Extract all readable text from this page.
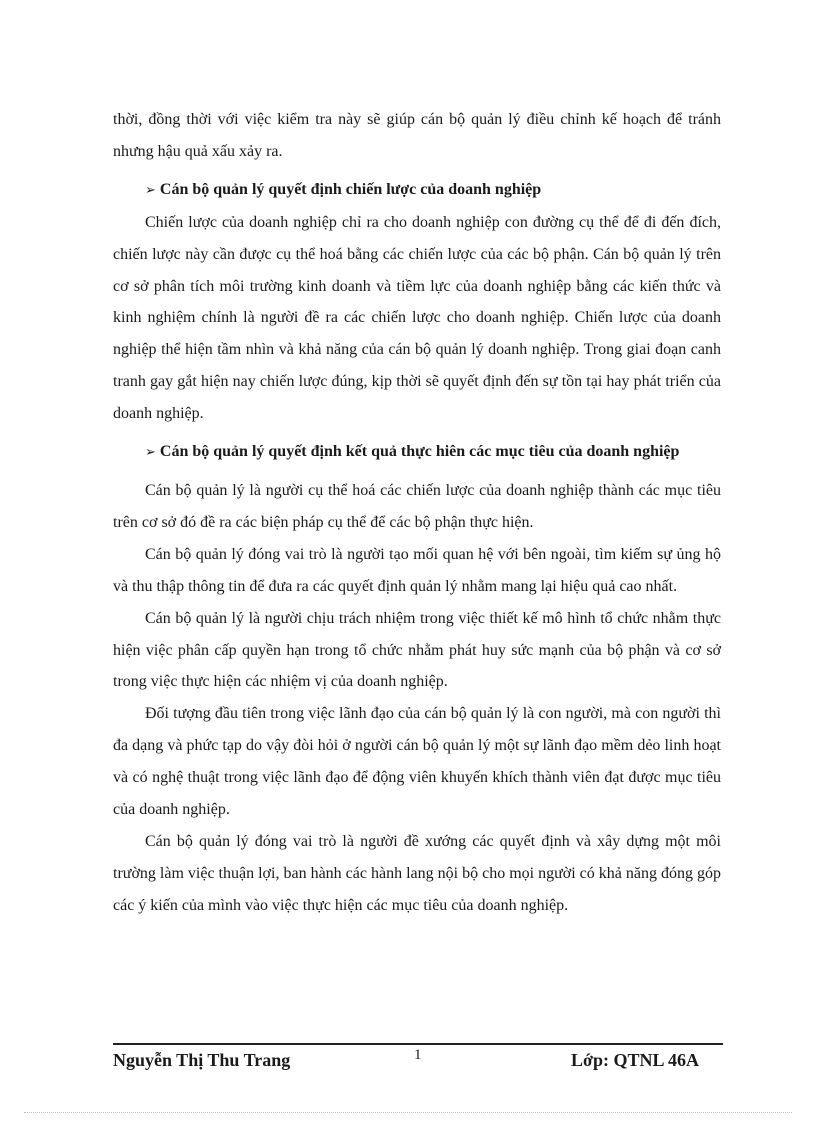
thời, đồng thời với việc kiểm tra này sẽ giúp cán bộ quản lý điều chỉnh kế hoạch để tránh nhưng hậu quả xấu xảy ra.

➢ Cán bộ quản lý quyết định chiến lược của doanh nghiệp

Chiến lược của doanh nghiệp chỉ ra cho doanh nghiệp con đường cụ thể để đi đến đích, chiến lược này cần được cụ thể hoá bằng các chiến lược của các bộ phận. Cán bộ quản lý trên cơ sở phân tích môi trường kinh doanh và tiềm lực của doanh nghiệp bằng các kiến thức và kinh nghiệm chính là người đề ra các chiến lược cho doanh nghiệp. Chiến lược của doanh nghiệp thể hiện tầm nhìn và khả năng của cán bộ quản lý doanh nghiệp. Trong giai đoạn canh tranh gay gắt hiện nay chiến lược đúng, kịp thời sẽ quyết định đến sự tồn tại hay phát triển của doanh nghiệp.

➢ Cán bộ quản lý quyết định kết quả thực hiên các mục tiêu của doanh nghiệp

Cán bộ quản lý là người cụ thể hoá các chiến lược của doanh nghiệp thành các mục tiêu trên cơ sở đó đề ra các biện pháp cụ thể để các bộ phận thực hiện.

Cán bộ quản lý đóng vai trò là người tạo mối quan hệ với bên ngoài, tìm kiếm sự ủng hộ và thu thập thông tin để đưa ra các quyết định quản lý nhằm mang lại hiệu quả cao nhất.

Cán bộ quản lý là người chịu trách nhiệm trong việc thiết kế mô hình tổ chức nhằm thực hiện việc phân cấp quyền hạn trong tổ chức nhằm phát huy sức mạnh của bộ phận và cơ sở trong việc thực hiện các nhiệm vị của doanh nghiệp.

Đối tượng đầu tiên trong việc lãnh đạo của cán bộ quản lý là con người, mà con người thì đa dạng và phức tạp do vậy đòi hỏi ở người cán bộ quản lý một sự lãnh đạo mềm dẻo linh hoạt và có nghệ thuật trong việc lãnh đạo để động viên khuyến khích thành viên đạt được mục tiêu của doanh nghiệp.

Cán bộ quản lý đóng vai trò là người đề xướng các quyết định và xây dựng một môi trường làm việc thuận lợi, ban hành các hành lang nội bộ cho mọi người có khả năng đóng góp các ý kiến của mình vào việc thực hiện các mục tiêu của doanh nghiệp.

Nguyễn Thị Thu Trang	1	Lớp: QTNL 46A
